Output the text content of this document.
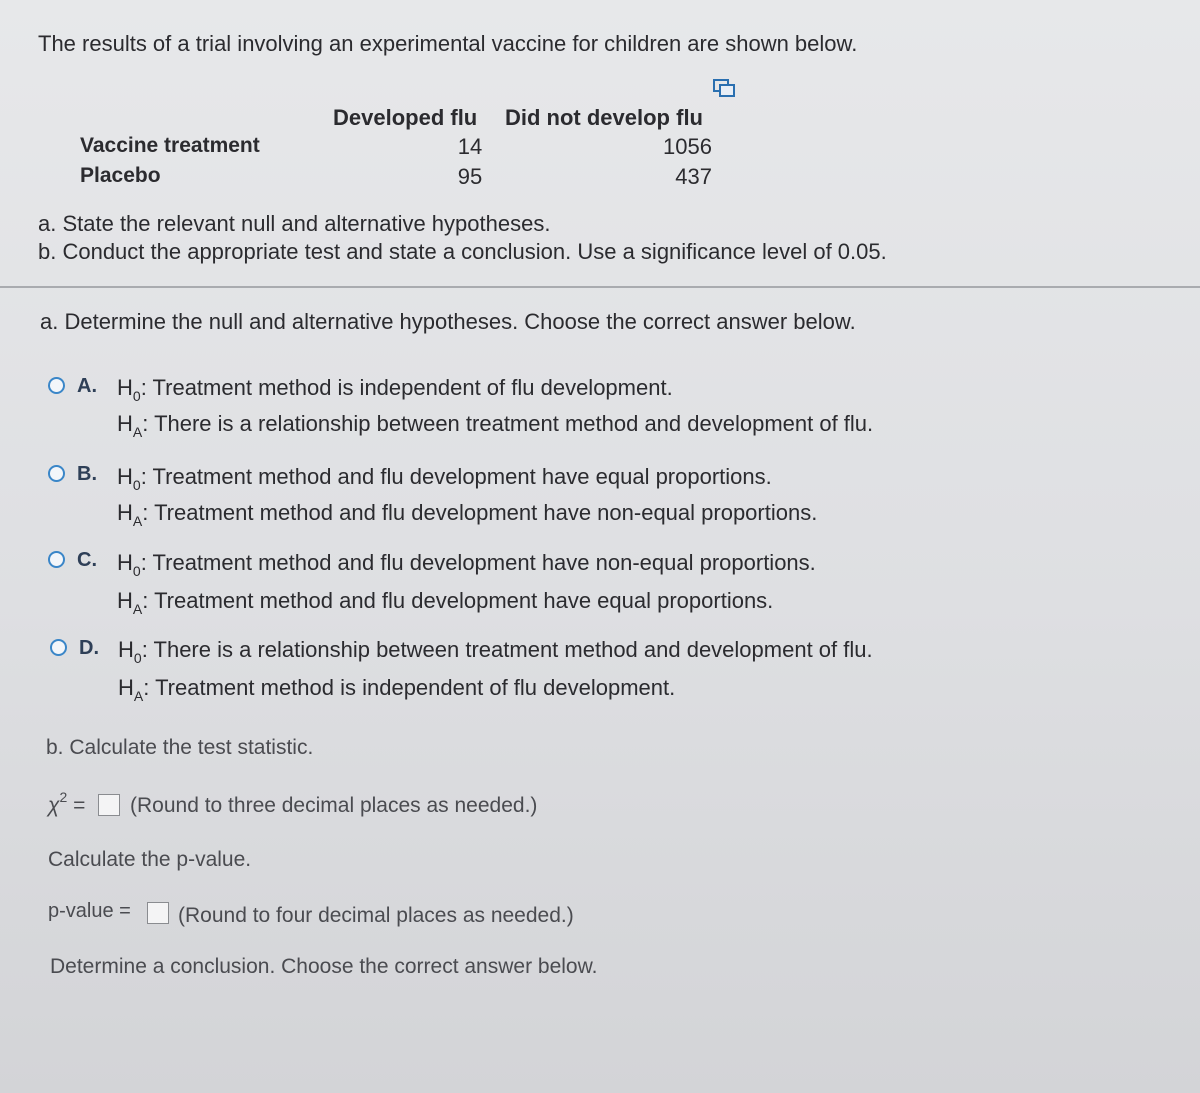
The results of a trial involving an experimental vaccine for children are shown below.
Developed flu Did not develop flu
Vaccine treatment	14	1056
Placebo	95	437
a. State the relevant null and alternative hypotheses.
b. Conduct the appropriate test and state a conclusion. Use a significance level of 0.05.
a. Determine the null and alternative hypotheses. Choose the correct answer below.
A. $H_0$: Treatment method is independent of flu development.
$H_A$: There is a relationship between treatment method and development of flu.
B. $H_0$: Treatment method and flu development have equal proportions.
$H_A$: Treatment method and flu development have non-equal proportions.
C. $H_0$: Treatment method and flu development have non-equal proportions.
$H_A$: Treatment method and flu development have equal proportions.
D. $H_0$: There is a relationship between treatment method and development of flu.
$H_A$: Treatment method is independent of flu development.
b. Calculate the test statistic.
$\chi^2$ = (Round to three decimal places as needed.)
Calculate the p-value.
p-value = (Round to four decimal places as needed.)
Determine a conclusion. Choose the correct answer below.
